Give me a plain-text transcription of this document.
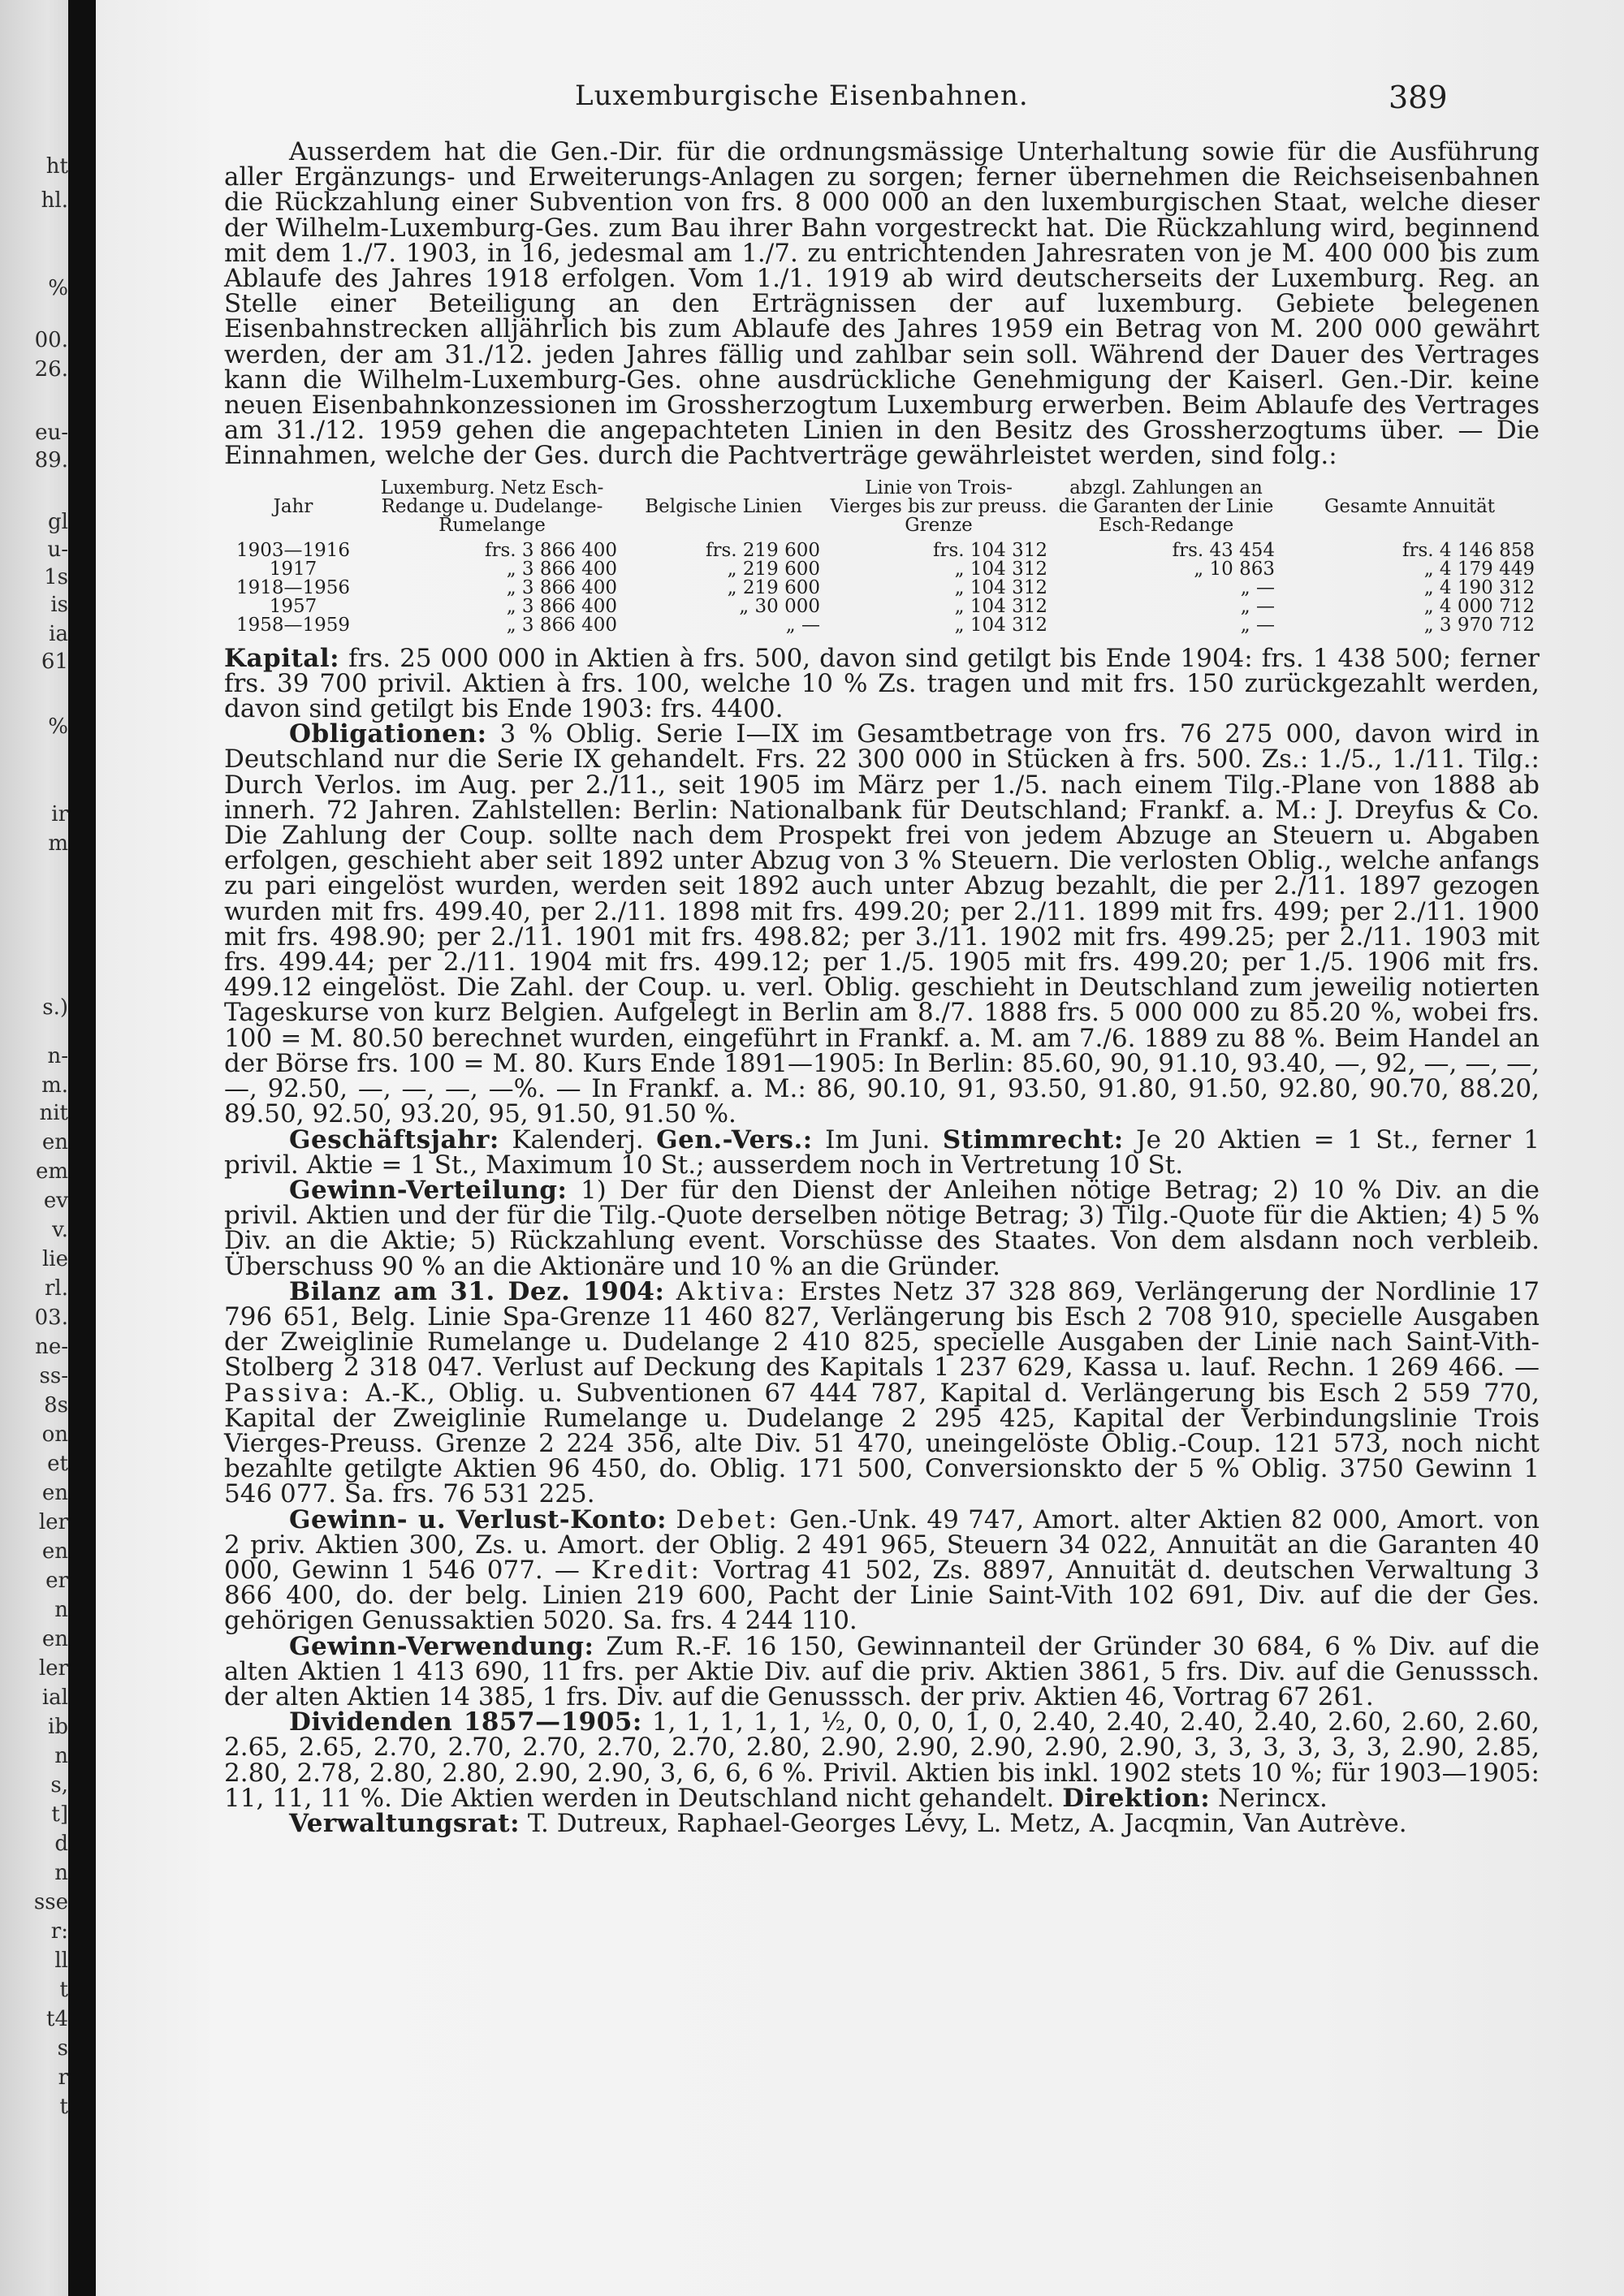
ht
hl.
%
00.
26.
eu-
89.
gl
u-
1s
is
ia
61
%
ir
m
s.)
n-
m.
nit
en
em
ev
v.
lie
rl.
03.
ne-
ss-
8s
on
et
en
ler
en
er
n
en
ler
ial
ib
n
s,
t]
d
n
sse
r:
ll
t
t4
s
r
t
Luxemburgische Eisenbahnen.	389

Ausserdem hat die Gen.-Dir. für die ordnungsmässige Unterhaltung sowie für die Ausführung aller Ergänzungs- und Erweiterungs-Anlagen zu sorgen; ferner übernehmen die Reichseisenbahnen die Rückzahlung einer Subvention von frs. 8 000 000 an den luxemburgischen Staat, welche dieser der Wilhelm-Luxemburg-Ges. zum Bau ihrer Bahn vorgestreckt hat. Die Rückzahlung wird, beginnend mit dem 1./7. 1903, in 16, jedesmal am 1./7. zu entrichtenden Jahresraten von je M. 400 000 bis zum Ablaufe des Jahres 1918 erfolgen. Vom 1./1. 1919 ab wird deutscherseits der Luxemburg. Reg. an Stelle einer Beteiligung an den Erträgnissen der auf luxemburg. Gebiete belegenen Eisenbahnstrecken alljährlich bis zum Ablaufe des Jahres 1959 ein Betrag von M. 200 000 gewährt werden, der am 31./12. jeden Jahres fällig und zahlbar sein soll. Während der Dauer des Vertrages kann die Wilhelm-Luxemburg-Ges. ohne ausdrückliche Genehmigung der Kaiserl. Gen.-Dir. keine neuen Eisenbahnkonzessionen im Grossherzogtum Luxemburg erwerben. Beim Ablaufe des Vertrages am 31./12. 1959 gehen die angepachteten Linien in den Besitz des Grossherzogtums über. — Die Einnahmen, welche der Ges. durch die Pachtverträge gewährleistet werden, sind folg.:

Jahr	Luxemburg. Netz Esch-Redange u. Dudelange-Rumelange	Belgische Linien	Linie von Trois-Vierges bis zur preuss. Grenze	abzgl. Zahlungen an die Garanten der Linie Esch-Redange	Gesamte Annuität
1903—1916	frs. 3 866 400	frs. 219 600	frs. 104 312	frs. 43 454	frs. 4 146 858
1917	„ 3 866 400	„ 219 600	„ 104 312	„ 10 863	„ 4 179 449
1918—1956	„ 3 866 400	„ 219 600	„ 104 312	„ —	„ 4 190 312
1957	„ 3 866 400	„ 30 000	„ 104 312	„ —	„ 4 000 712
1958—1959	„ 3 866 400	„ —	„ 104 312	„ —	„ 3 970 712

Kapital: frs. 25 000 000 in Aktien à frs. 500, davon sind getilgt bis Ende 1904: frs. 1 438 500; ferner frs. 39 700 privil. Aktien à frs. 100, welche 10 % Zs. tragen und mit frs. 150 zurückgezahlt werden, davon sind getilgt bis Ende 1903: frs. 4400.

Obligationen: 3 % Oblig. Serie I—IX im Gesamtbetrage von frs. 76 275 000, davon wird in Deutschland nur die Serie IX gehandelt. Frs. 22 300 000 in Stücken à frs. 500. Zs.: 1./5., 1./11. Tilg.: Durch Verlos. im Aug. per 2./11., seit 1905 im März per 1./5. nach einem Tilg.-Plane von 1888 ab innerh. 72 Jahren. Zahlstellen: Berlin: Nationalbank für Deutschland; Frankf. a. M.: J. Dreyfus & Co. Die Zahlung der Coup. sollte nach dem Prospekt frei von jedem Abzuge an Steuern u. Abgaben erfolgen, geschieht aber seit 1892 unter Abzug von 3 % Steuern. Die verlosten Oblig., welche anfangs zu pari eingelöst wurden, werden seit 1892 auch unter Abzug bezahlt, die per 2./11. 1897 gezogen wurden mit frs. 499.40, per 2./11. 1898 mit frs. 499.20; per 2./11. 1899 mit frs. 499; per 2./11. 1900 mit frs. 498.90; per 2./11. 1901 mit frs. 498.82; per 3./11. 1902 mit frs. 499.25; per 2./11. 1903 mit frs. 499.44; per 2./11. 1904 mit frs. 499.12; per 1./5. 1905 mit frs. 499.20; per 1./5. 1906 mit frs. 499.12 eingelöst. Die Zahl. der Coup. u. verl. Oblig. geschieht in Deutschland zum jeweilig notierten Tageskurse von kurz Belgien. Aufgelegt in Berlin am 8./7. 1888 frs. 5 000 000 zu 85.20 %, wobei frs. 100 = M. 80.50 berechnet wurden, eingeführt in Frankf. a. M. am 7./6. 1889 zu 88 %. Beim Handel an der Börse frs. 100 = M. 80. Kurs Ende 1891—1905: In Berlin: 85.60, 90, 91.10, 93.40, —, 92, —, —, —, —, 92.50, —, —, —, —%. — In Frankf. a. M.: 86, 90.10, 91, 93.50, 91.80, 91.50, 92.80, 90.70, 88.20, 89.50, 92.50, 93.20, 95, 91.50, 91.50 %.

Geschäftsjahr: Kalenderj. Gen.-Vers.: Im Juni. Stimmrecht: Je 20 Aktien = 1 St., ferner 1 privil. Aktie = 1 St., Maximum 10 St.; ausserdem noch in Vertretung 10 St.

Gewinn-Verteilung: 1) Der für den Dienst der Anleihen nötige Betrag; 2) 10 % Div. an die privil. Aktien und der für die Tilg.-Quote derselben nötige Betrag; 3) Tilg.-Quote für die Aktien; 4) 5 % Div. an die Aktie; 5) Rückzahlung event. Vorschüsse des Staates. Von dem alsdann noch verbleib. Überschuss 90 % an die Aktionäre und 10 % an die Gründer.

Bilanz am 31. Dez. 1904: Aktiva: Erstes Netz 37 328 869, Verlängerung der Nordlinie 17 796 651, Belg. Linie Spa-Grenze 11 460 827, Verlängerung bis Esch 2 708 910, specielle Ausgaben der Zweiglinie Rumelange u. Dudelange 2 410 825, specielle Ausgaben der Linie nach Saint-Vith-Stolberg 2 318 047. Verlust auf Deckung des Kapitals 1 237 629, Kassa u. lauf. Rechn. 1 269 466. — Passiva: A.-K., Oblig. u. Subventionen 67 444 787, Kapital d. Verlängerung bis Esch 2 559 770, Kapital der Zweiglinie Rumelange u. Dudelange 2 295 425, Kapital der Verbindungslinie Trois Vierges-Preuss. Grenze 2 224 356, alte Div. 51 470, uneingelöste Oblig.-Coup. 121 573, noch nicht bezahlte getilgte Aktien 96 450, do. Oblig. 171 500, Conversionskto der 5 % Oblig. 3750 Gewinn 1 546 077. Sa. frs. 76 531 225.

Gewinn- u. Verlust-Konto: Debet: Gen.-Unk. 49 747, Amort. alter Aktien 82 000, Amort. von 2 priv. Aktien 300, Zs. u. Amort. der Oblig. 2 491 965, Steuern 34 022, Annuität an die Garanten 40 000, Gewinn 1 546 077. — Kredit: Vortrag 41 502, Zs. 8897, Annuität d. deutschen Verwaltung 3 866 400, do. der belg. Linien 219 600, Pacht der Linie Saint-Vith 102 691, Div. auf die der Ges. gehörigen Genussaktien 5020. Sa. frs. 4 244 110.

Gewinn-Verwendung: Zum R.-F. 16 150, Gewinnanteil der Gründer 30 684, 6 % Div. auf die alten Aktien 1 413 690, 11 frs. per Aktie Div. auf die priv. Aktien 3861, 5 frs. Div. auf die Genusssch. der alten Aktien 14 385, 1 frs. Div. auf die Genusssch. der priv. Aktien 46, Vortrag 67 261.

Dividenden 1857—1905: 1, 1, 1, 1, 1, ½, 0, 0, 0, 1, 0, 2.40, 2.40, 2.40, 2.40, 2.60, 2.60, 2.60, 2.65, 2.65, 2.70, 2.70, 2.70, 2.70, 2.70, 2.80, 2.90, 2.90, 2.90, 2.90, 2.90, 3, 3, 3, 3, 3, 3, 2.90, 2.85, 2.80, 2.78, 2.80, 2.80, 2.90, 2.90, 3, 6, 6, 6 %. Privil. Aktien bis inkl. 1902 stets 10 %; für 1903—1905: 11, 11, 11 %. Die Aktien werden in Deutschland nicht gehandelt. Direktion: Nerincx.

Verwaltungsrat: T. Dutreux, Raphael-Georges Lévy, L. Metz, A. Jacqmin, Van Autrève.
